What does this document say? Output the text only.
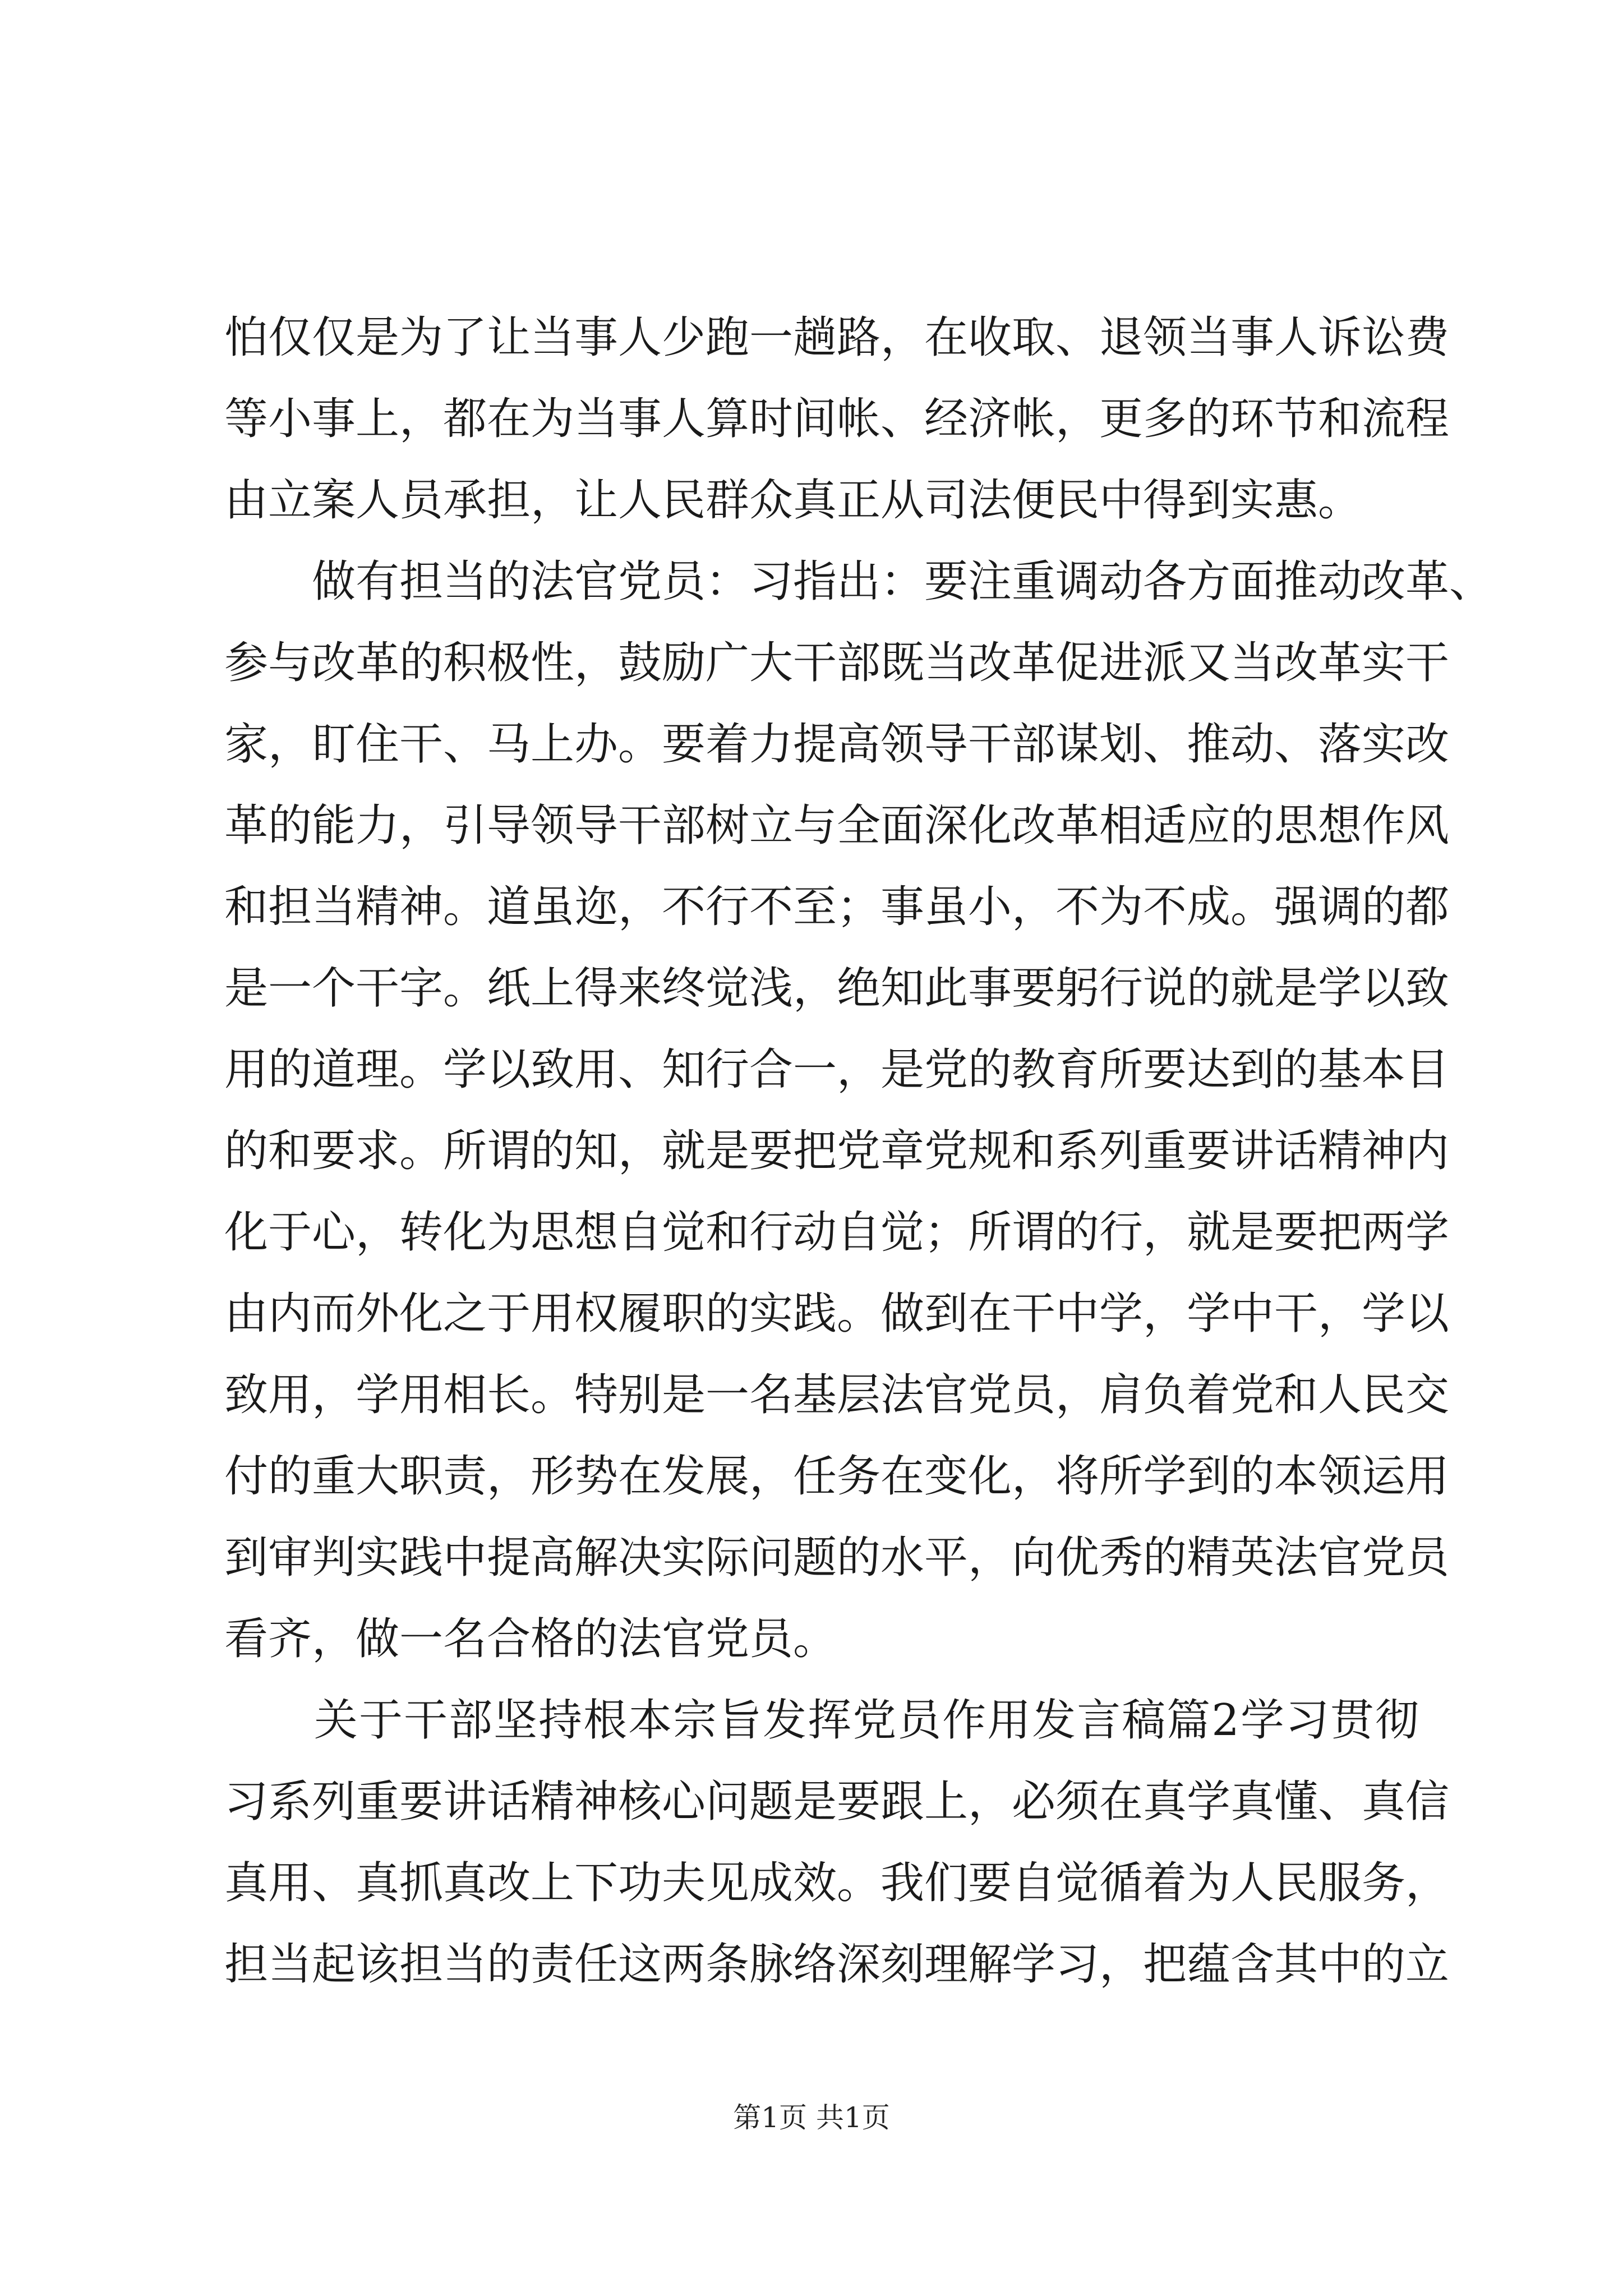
怕仅仅是为了让当事人少跑一趟路，在收取、退领当事人诉讼费
等小事上，都在为当事人算时间帐、经济帐，更多的环节和流程
由立案人员承担，让人民群众真正从司法便民中得到实惠。
　　做有担当的法官党员：习指出：要注重调动各方面推动改革、
参与改革的积极性，鼓励广大干部既当改革促进派又当改革实干
家，盯住干、马上办。要着力提高领导干部谋划、推动、落实改
革的能力，引导领导干部树立与全面深化改革相适应的思想作风
和担当精神。道虽迩，不行不至；事虽小，不为不成。强调的都
是一个干字。纸上得来终觉浅，绝知此事要躬行说的就是学以致
用的道理。学以致用、知行合一，是党的教育所要达到的基本目
的和要求。所谓的知，就是要把党章党规和系列重要讲话精神内
化于心，转化为思想自觉和行动自觉；所谓的行，就是要把两学
由内而外化之于用权履职的实践。做到在干中学，学中干，学以
致用，学用相长。特别是一名基层法官党员，肩负着党和人民交
付的重大职责，形势在发展，任务在变化，将所学到的本领运用
到审判实践中提高解决实际问题的水平，向优秀的精英法官党员
看齐，做一名合格的法官党员。
　　关于干部坚持根本宗旨发挥党员作用发言稿篇2学习贯彻
习系列重要讲话精神核心问题是要跟上，必须在真学真懂、真信
真用、真抓真改上下功夫见成效。我们要自觉循着为人民服务，
担当起该担当的责任这两条脉络深刻理解学习，把蕴含其中的立
第1页 共1页
